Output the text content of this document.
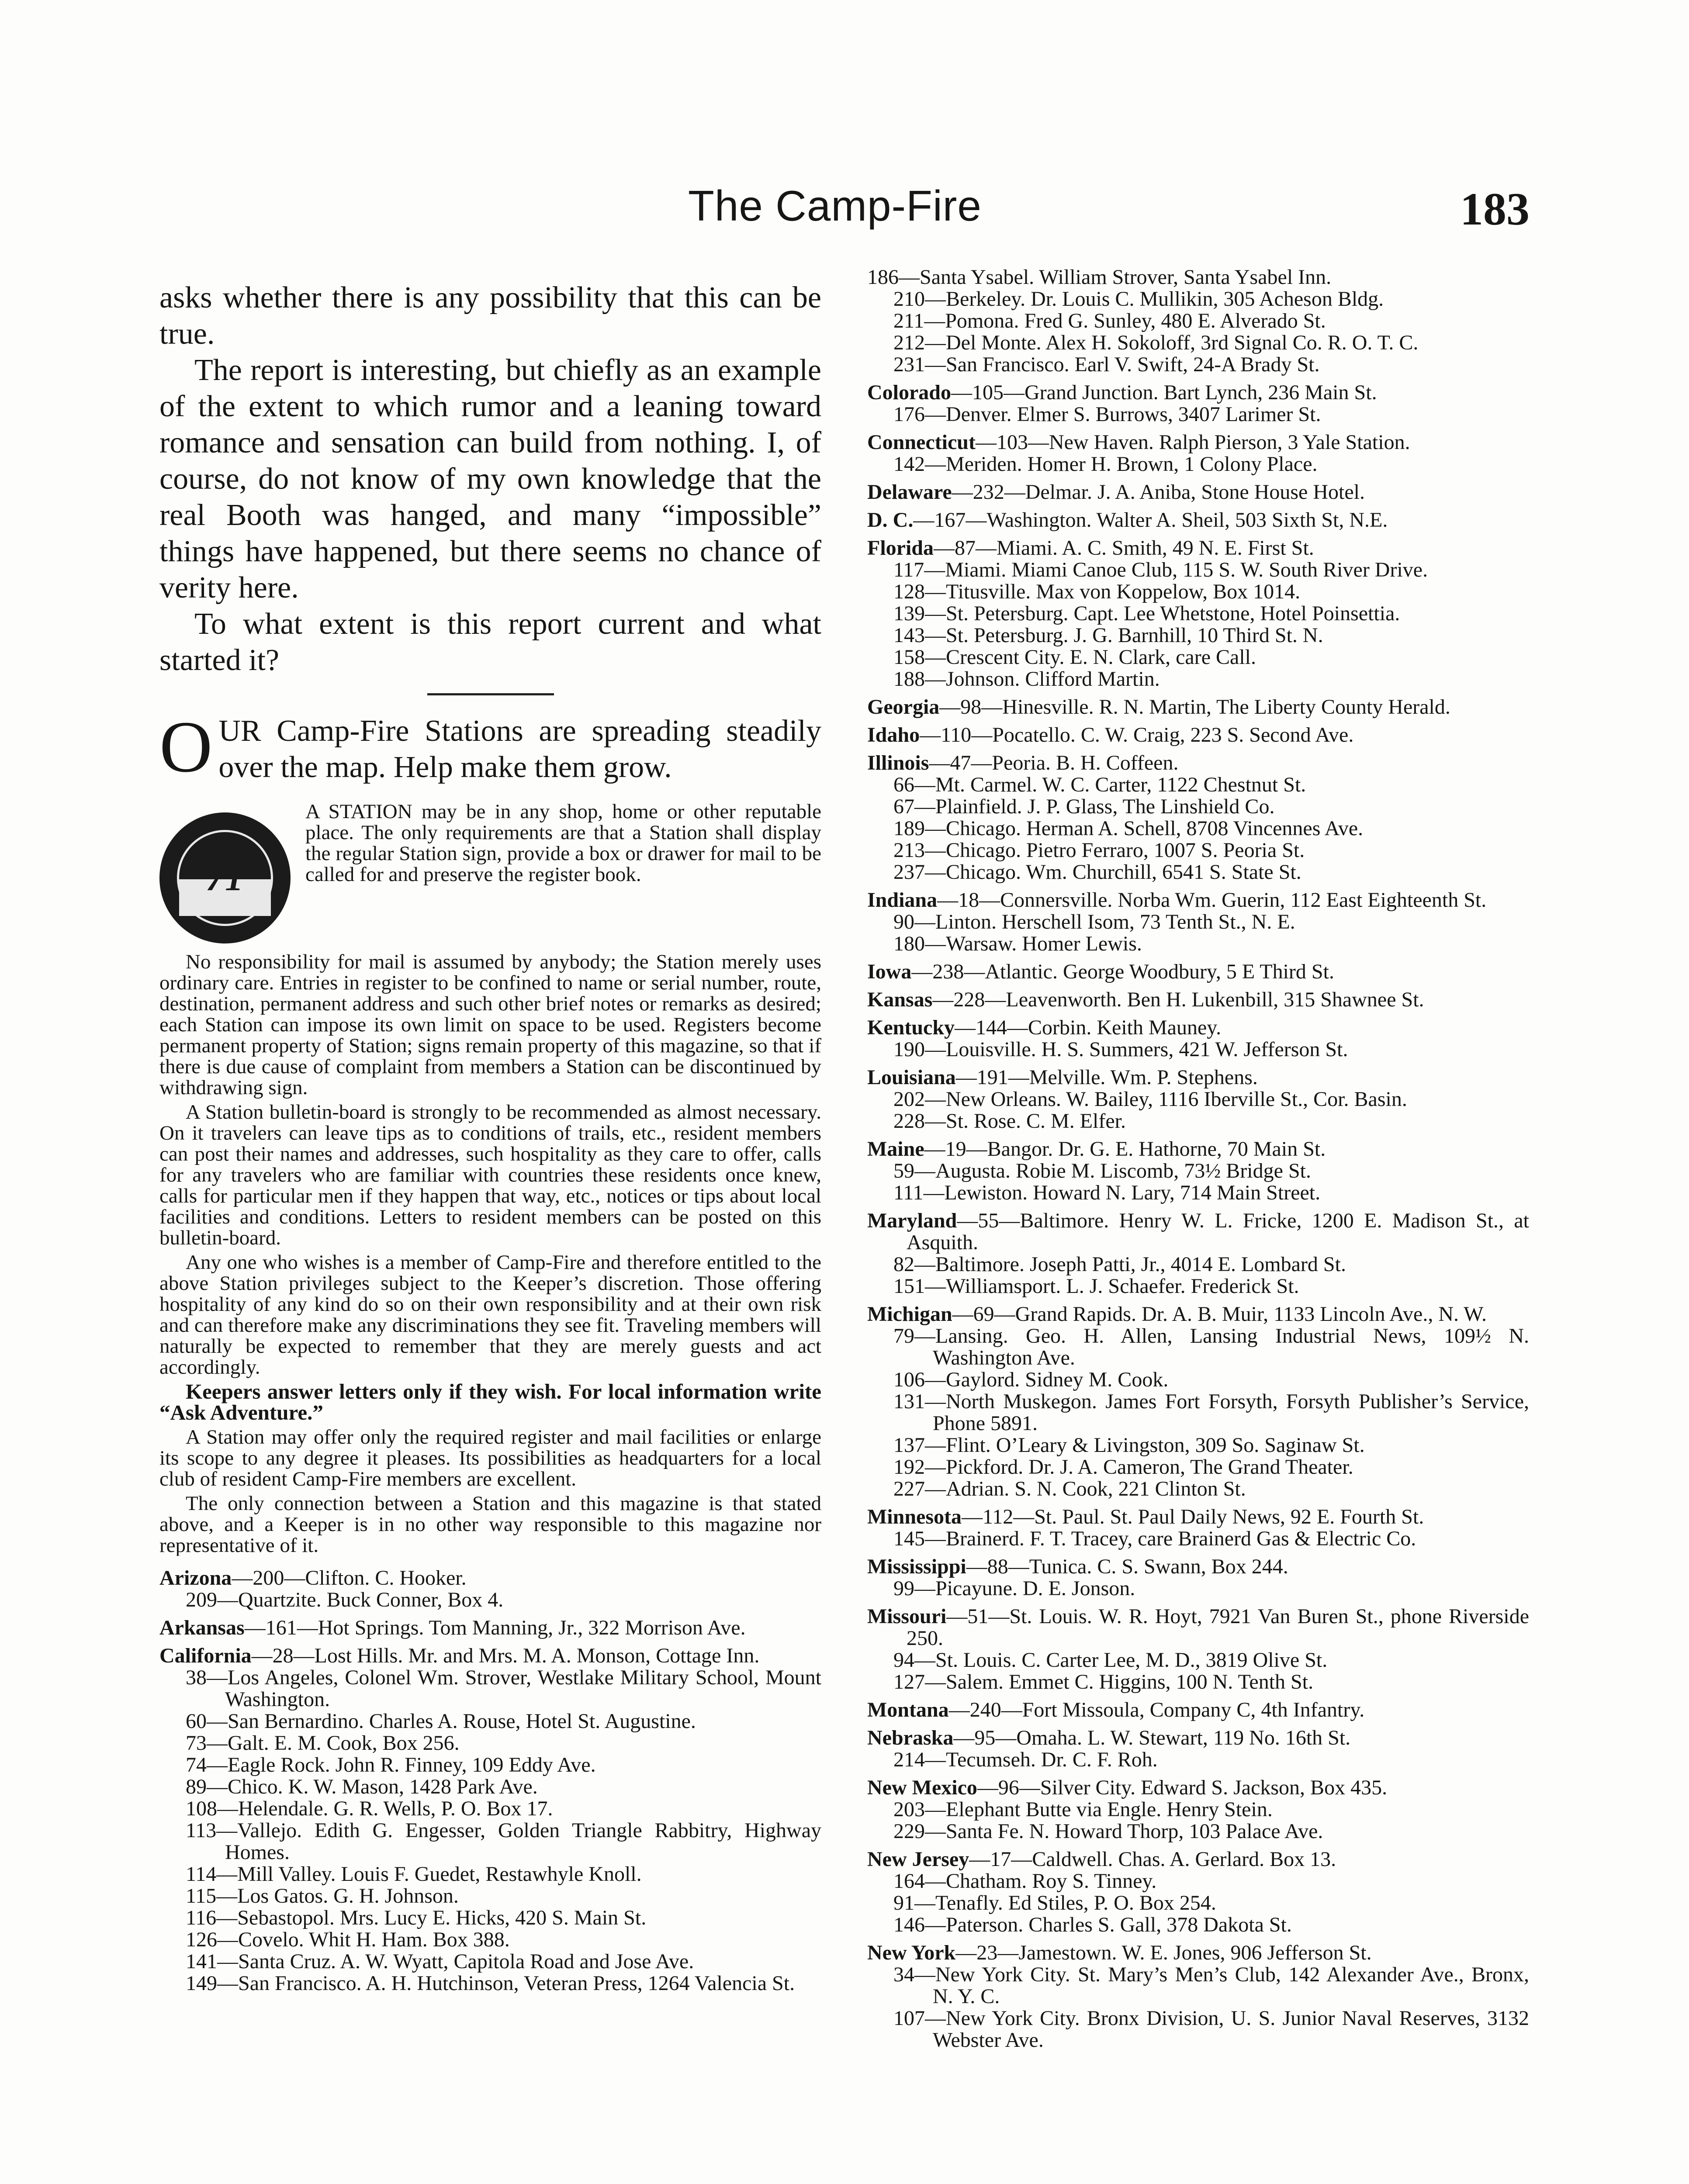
The Camp-Fire	183

asks whether there is any possibility that this can be true.

The report is interesting, but chiefly as an example of the extent to which rumor and a leaning toward romance and sensation can build from nothing. I, of course, do not know of my own knowledge that the real Booth was hanged, and many “impossible” things have happened, but there seems no chance of verity here.

To what extent is this report current and what started it?

OUR Camp-Fire Stations are spreading steadily over the map. Help make them grow.

71

A STATION may be in any shop, home or other reputable place. The only requirements are that a Station shall display the regular Station sign, provide a box or drawer for mail to be called for and preserve the register book.

No responsibility for mail is assumed by anybody; the Station merely uses ordinary care. Entries in register to be confined to name or serial number, route, destination, permanent address and such other brief notes or remarks as desired; each Station can impose its own limit on space to be used. Registers become permanent property of Station; signs remain property of this magazine, so that if there is due cause of complaint from members a Station can be discontinued by withdrawing sign.

A Station bulletin-board is strongly to be recommended as almost necessary. On it travelers can leave tips as to conditions of trails, etc., resident members can post their names and addresses, such hospitality as they care to offer, calls for any travelers who are familiar with countries these residents once knew, calls for particular men if they happen that way, etc., notices or tips about local facilities and conditions. Letters to resident members can be posted on this bulletin-board.

Any one who wishes is a member of Camp-Fire and therefore entitled to the above Station privileges subject to the Keeper’s discretion. Those offering hospitality of any kind do so on their own responsibility and at their own risk and can therefore make any discriminations they see fit. Traveling members will naturally be expected to remember that they are merely guests and act accordingly.

Keepers answer letters only if they wish. For local information write “Ask Adventure.”

A Station may offer only the required register and mail facilities or enlarge its scope to any degree it pleases. Its possibilities as headquarters for a local club of resident Camp-Fire members are excellent.

The only connection between a Station and this magazine is that stated above, and a Keeper is in no other way responsible to this magazine nor representative of it.

Arizona—200—Clifton. C. Hooker.

209—Quartzite. Buck Conner, Box 4.

Arkansas—161—Hot Springs. Tom Manning, Jr., 322 Morrison Ave.

California—28—Lost Hills. Mr. and Mrs. M. A. Monson, Cottage Inn.

38—Los Angeles, Colonel Wm. Strover, Westlake Military School, Mount Washington.

60—San Bernardino. Charles A. Rouse, Hotel St. Augustine.

73—Galt. E. M. Cook, Box 256.

74—Eagle Rock. John R. Finney, 109 Eddy Ave.

89—Chico. K. W. Mason, 1428 Park Ave.

108—Helendale. G. R. Wells, P. O. Box 17.

113—Vallejo. Edith G. Engesser, Golden Triangle Rabbitry, Highway Homes.

114—Mill Valley. Louis F. Guedet, Restawhyle Knoll.

115—Los Gatos. G. H. Johnson.

116—Sebastopol. Mrs. Lucy E. Hicks, 420 S. Main St.

126—Covelo. Whit H. Ham. Box 388.

141—Santa Cruz. A. W. Wyatt, Capitola Road and Jose Ave.

149—San Francisco. A. H. Hutchinson, Veteran Press, 1264 Valencia St.

186—Santa Ysabel. William Strover, Santa Ysabel Inn.

210—Berkeley. Dr. Louis C. Mullikin, 305 Acheson Bldg.

211—Pomona. Fred G. Sunley, 480 E. Alverado St.

212—Del Monte. Alex H. Sokoloff, 3rd Signal Co. R. O. T. C.

231—San Francisco. Earl V. Swift, 24-A Brady St.

Colorado—105—Grand Junction. Bart Lynch, 236 Main St.

176—Denver. Elmer S. Burrows, 3407 Larimer St.

Connecticut—103—New Haven. Ralph Pierson, 3 Yale Station.

142—Meriden. Homer H. Brown, 1 Colony Place.

Delaware—232—Delmar. J. A. Aniba, Stone House Hotel.

D. C.—167—Washington. Walter A. Sheil, 503 Sixth St, N.E.

Florida—87—Miami. A. C. Smith, 49 N. E. First St.

117—Miami. Miami Canoe Club, 115 S. W. South River Drive.

128—Titusville. Max von Koppelow, Box 1014.

139—St. Petersburg. Capt. Lee Whetstone, Hotel Poinsettia.

143—St. Petersburg. J. G. Barnhill, 10 Third St. N.

158—Crescent City. E. N. Clark, care Call.

188—Johnson. Clifford Martin.

Georgia—98—Hinesville. R. N. Martin, The Liberty County Herald.

Idaho—110—Pocatello. C. W. Craig, 223 S. Second Ave.

Illinois—47—Peoria. B. H. Coffeen.

66—Mt. Carmel. W. C. Carter, 1122 Chestnut St.

67—Plainfield. J. P. Glass, The Linshield Co.

189—Chicago. Herman A. Schell, 8708 Vincennes Ave.

213—Chicago. Pietro Ferraro, 1007 S. Peoria St.

237—Chicago. Wm. Churchill, 6541 S. State St.

Indiana—18—Connersville. Norba Wm. Guerin, 112 East Eighteenth St.

90—Linton. Herschell Isom, 73 Tenth St., N. E.

180—Warsaw. Homer Lewis.

Iowa—238—Atlantic. George Woodbury, 5 E Third St.

Kansas—228—Leavenworth. Ben H. Lukenbill, 315 Shawnee St.

Kentucky—144—Corbin. Keith Mauney.

190—Louisville. H. S. Summers, 421 W. Jefferson St.

Louisiana—191—Melville. Wm. P. Stephens.

202—New Orleans. W. Bailey, 1116 Iberville St., Cor. Basin.

228—St. Rose. C. M. Elfer.

Maine—19—Bangor. Dr. G. E. Hathorne, 70 Main St.

59—Augusta. Robie M. Liscomb, 73½ Bridge St.

111—Lewiston. Howard N. Lary, 714 Main Street.

Maryland—55—Baltimore. Henry W. L. Fricke, 1200 E. Madison St., at Asquith.

82—Baltimore. Joseph Patti, Jr., 4014 E. Lombard St.

151—Williamsport. L. J. Schaefer. Frederick St.

Michigan—69—Grand Rapids. Dr. A. B. Muir, 1133 Lincoln Ave., N. W.

79—Lansing. Geo. H. Allen, Lansing Industrial News, 109½ N. Washington Ave.

106—Gaylord. Sidney M. Cook.

131—North Muskegon. James Fort Forsyth, Forsyth Publisher’s Service, Phone 5891.

137—Flint. O’Leary & Livingston, 309 So. Saginaw St.

192—Pickford. Dr. J. A. Cameron, The Grand Theater.

227—Adrian. S. N. Cook, 221 Clinton St.

Minnesota—112—St. Paul. St. Paul Daily News, 92 E. Fourth St.

145—Brainerd. F. T. Tracey, care Brainerd Gas & Electric Co.

Mississippi—88—Tunica. C. S. Swann, Box 244.

99—Picayune. D. E. Jonson.

Missouri—51—St. Louis. W. R. Hoyt, 7921 Van Buren St., phone Riverside 250.

94—St. Louis. C. Carter Lee, M. D., 3819 Olive St.

127—Salem. Emmet C. Higgins, 100 N. Tenth St.

Montana—240—Fort Missoula, Company C, 4th Infantry.

Nebraska—95—Omaha. L. W. Stewart, 119 No. 16th St.

214—Tecumseh. Dr. C. F. Roh.

New Mexico—96—Silver City. Edward S. Jackson, Box 435.

203—Elephant Butte via Engle. Henry Stein.

229—Santa Fe. N. Howard Thorp, 103 Palace Ave.

New Jersey—17—Caldwell. Chas. A. Gerlard. Box 13.

164—Chatham. Roy S. Tinney.

91—Tenafly. Ed Stiles, P. O. Box 254.

146—Paterson. Charles S. Gall, 378 Dakota St.

New York—23—Jamestown. W. E. Jones, 906 Jefferson St.

34—New York City. St. Mary’s Men’s Club, 142 Alexander Ave., Bronx, N. Y. C.

107—New York City. Bronx Division, U. S. Junior Naval Reserves, 3132 Webster Ave.
